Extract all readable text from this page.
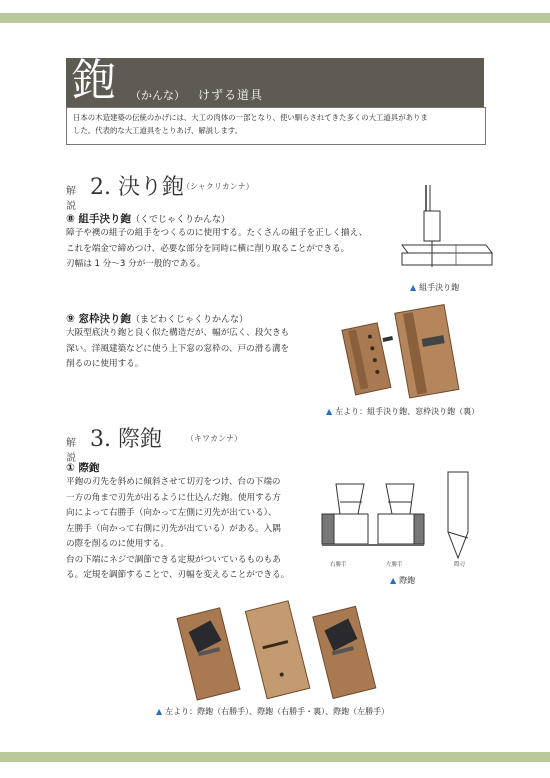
鉋 （かんな） けずる道具
日本の木造建築の伝統のかげには、大工の肉体の一部となり、使い馴らされてきた多くの大工道具がありま
した。代表的な大工道具をとりあげ、解説します。
解説
2. 決り鉋
（シャクリカンナ）
⑧ 組手決り鉋（くでじゃくりかんな）
障子や襖の組子の組手をつくるのに使用する。たくさんの組子を正しく揃え、
これを端金で締めつけ、必要な部分を同時に横に削り取ることができる。
刃幅は 1 分～3 分が一般的である。
▲ 組手決り鉋
⑨ 窓枠決り鉋（まどわくじゃくりかんな）
大阪型底決り鉋と良く似た構造だが、幅が広く、段欠きも
深い。洋風建築などに使う上下窓の窓枠の、戸の滑る溝を
削るのに使用する。
▲ 左より：組手決り鉋、窓枠決り鉋（裏）
解説
3. 際鉋	（キワカンナ）
① 際鉋
平鉋の刃先を斜めに傾斜させて切刃をつけ、台の下端の
一方の角まで刃先が出るように仕込んだ鉋。使用する方
向によって右勝手（向かって左側に刃先が出ている）、
左勝手（向かって右側に刃先が出ている）がある。入隅
の際を削るのに使用する。
台の下端にネジで調節できる定規がついているものもあ
る。定規を調節することで、刃幅を変えることができる。
右勝手	左勝手	際刃
▲ 際鉋
▲ 左より：際鉋（右勝手）、際鉋（右勝手・裏）、際鉋（左勝手）
